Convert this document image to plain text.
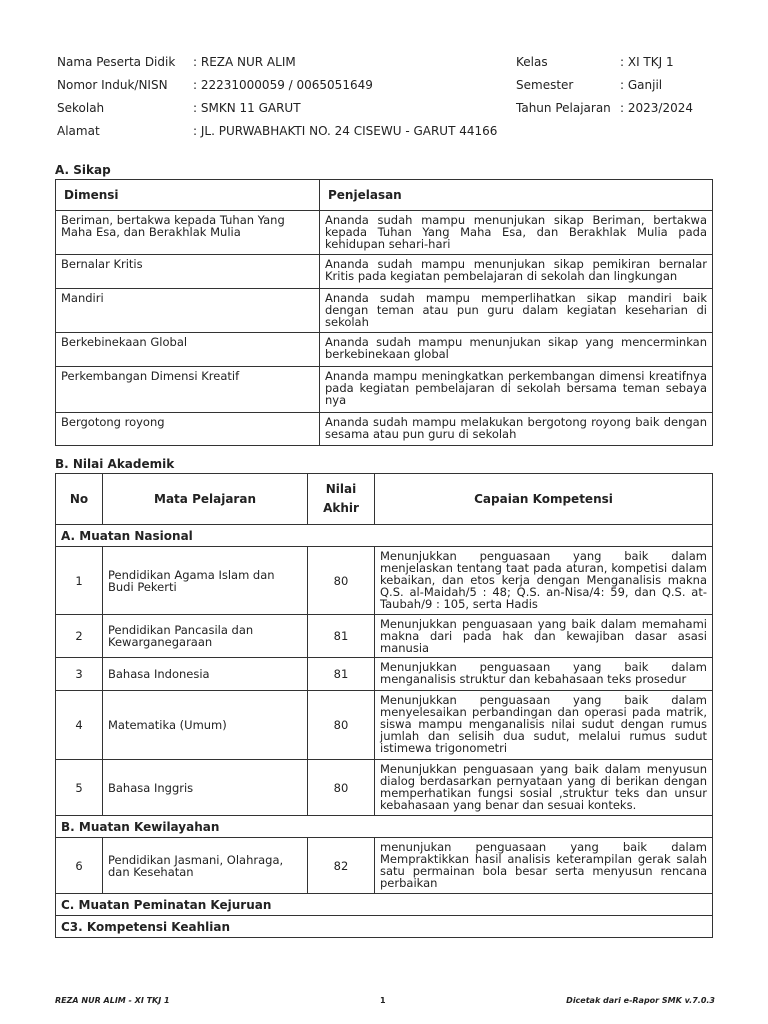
Nama Peserta Didik : REZA NUR ALIM	Kelas	: XI TKJ 1
Nomor Induk/NISN : 22231000059 / 0065051649	Semester	: Ganjil
Sekolah	: SMKN 11 GARUT	Tahun Pelajaran : 2023/2024
Alamat	: JL. PURWABHAKTI NO. 24 CISEWU - GARUT 44166
A. Sikap
Dimensi	Penjelasan
Beriman, bertakwa kepada Tuhan Yang Maha Esa, dan Berakhlak Mulia	Ananda sudah mampu menunjukan sikap Beriman, bertakwa kepada Tuhan Yang Maha Esa, dan Berakhlak Mulia pada kehidupan sehari-hari
Bernalar Kritis	Ananda sudah mampu menunjukan sikap pemikiran bernalar Kritis pada kegiatan pembelajaran di sekolah dan lingkungan
Mandiri	Ananda sudah mampu memperlihatkan sikap mandiri baik dengan teman atau pun guru dalam kegiatan keseharian di sekolah
Berkebinekaan Global	Ananda sudah mampu menunjukan sikap yang mencerminkan berkebinekaan global
Perkembangan Dimensi Kreatif	Ananda mampu meningkatkan perkembangan dimensi kreatifnya pada kegiatan pembelajaran di sekolah bersama teman sebaya nya
Bergotong royong	Ananda sudah mampu melakukan bergotong royong baik dengan sesama atau pun guru di sekolah
B. Nilai Akademik
No	Mata Pelajaran	Nilai Akhir	Capaian Kompetensi
A. Muatan Nasional			
1	Pendidikan Agama Islam dan Budi Pekerti	80	Menunjukkan penguasaan yang baik dalam menjelaskan tentang taat pada aturan, kompetisi dalam kebaikan, dan etos kerja dengan Menganalisis makna Q.S. al-Maidah/5 : 48; Q.S. an-Nisa/4: 59, dan Q.S. at-Taubah/9 : 105, serta Hadis
2	Pendidikan Pancasila dan Kewarganegaraan	81	Menunjukkan penguasaan yang baik dalam memahami makna dari pada hak dan kewajiban dasar asasi manusia
3	Bahasa Indonesia	81	Menunjukkan penguasaan yang baik dalam menganalisis struktur dan kebahasaan teks prosedur
4	Matematika (Umum)	80	Menunjukkan penguasaan yang baik dalam menyelesaikan perbandingan dan operasi pada matrik, siswa mampu menganalisis nilai sudut dengan rumus jumlah dan selisih dua sudut, melalui rumus sudut istimewa trigonometri
5	Bahasa Inggris	80	Menunjukkan penguasaan yang baik dalam menyusun dialog berdasarkan pernyataan yang di berikan dengan memperhatikan fungsi sosial ,struktur teks dan unsur kebahasaan yang benar dan sesuai konteks.
B. Muatan Kewilayahan			
6	Pendidikan Jasmani, Olahraga, dan Kesehatan	82	menunjukan penguasaan yang baik dalam Mempraktikkan hasil analisis keterampilan gerak salah satu permainan bola besar serta menyusun rencana perbaikan
C. Muatan Peminatan Kejuruan			
C3. Kompetensi Keahlian			
REZA NUR ALIM - XI TKJ 1	1	Dicetak dari e-Rapor SMK v.7.0.3
